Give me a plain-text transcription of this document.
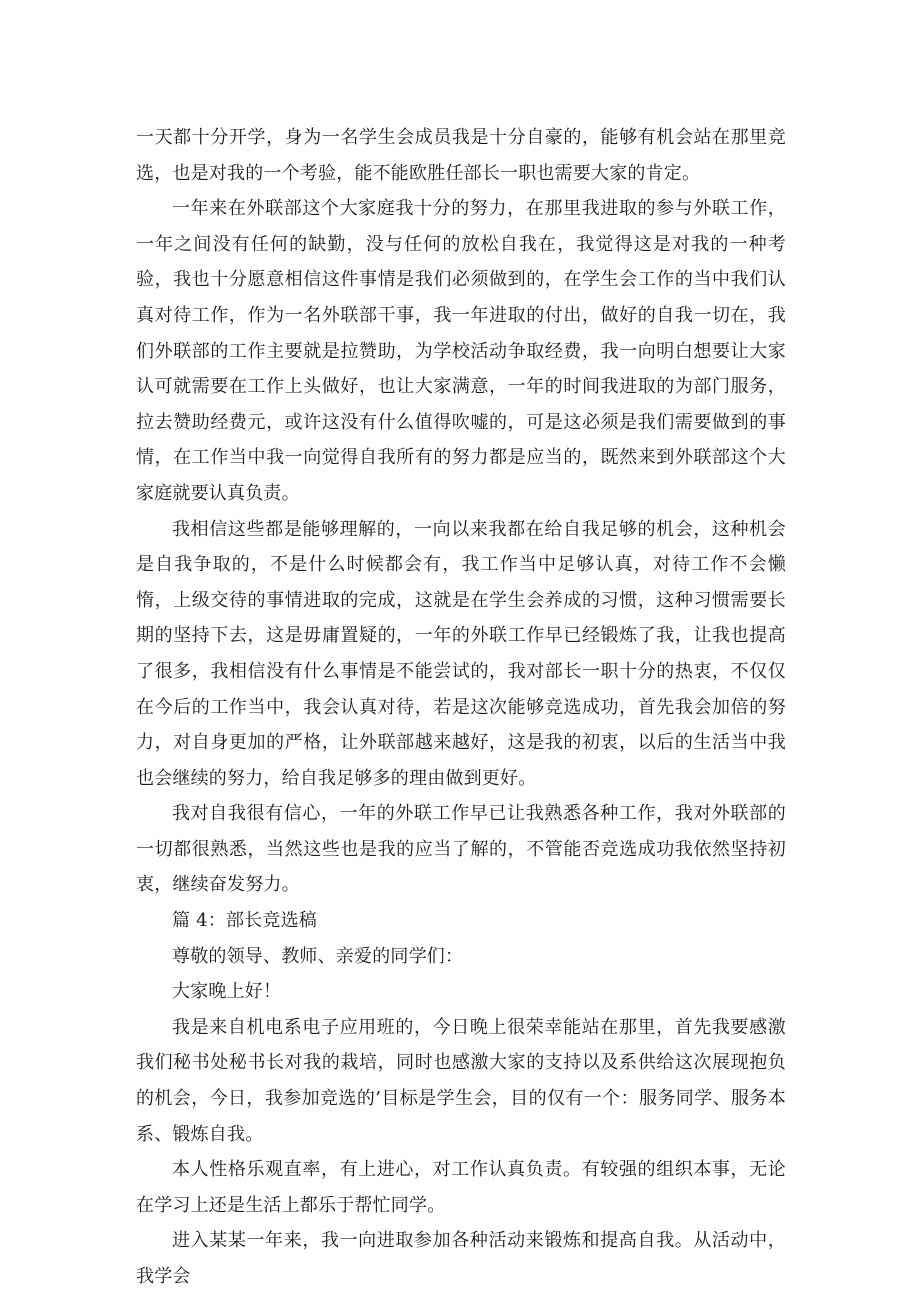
一天都十分开学，身为一名学生会成员我是十分自豪的，能够有机会站在那里竞选，也是对我的一个考验，能不能欧胜任部长一职也需要大家的肯定。

一年来在外联部这个大家庭我十分的努力，在那里我进取的参与外联工作，一年之间没有任何的缺勤，没与任何的放松自我在，我觉得这是对我的一种考验，我也十分愿意相信这件事情是我们必须做到的，在学生会工作的当中我们认真对待工作，作为一名外联部干事，我一年进取的付出，做好的自我一切在，我们外联部的工作主要就是拉赞助，为学校活动争取经费，我一向明白想要让大家认可就需要在工作上头做好，也让大家满意，一年的时间我进取的为部门服务，拉去赞助经费元，或许这没有什么值得吹嘘的，可是这必须是我们需要做到的事情，在工作当中我一向觉得自我所有的努力都是应当的，既然来到外联部这个大家庭就要认真负责。

我相信这些都是能够理解的，一向以来我都在给自我足够的机会，这种机会是自我争取的，不是什么时候都会有，我工作当中足够认真，对待工作不会懒惰，上级交待的事情进取的完成，这就是在学生会养成的习惯，这种习惯需要长期的坚持下去，这是毋庸置疑的，一年的外联工作早已经锻炼了我，让我也提高了很多，我相信没有什么事情是不能尝试的，我对部长一职十分的热衷，不仅仅在今后的工作当中，我会认真对待，若是这次能够竞选成功，首先我会加倍的努力，对自身更加的严格，让外联部越来越好，这是我的初衷，以后的生活当中我也会继续的努力，给自我足够多的理由做到更好。

我对自我很有信心，一年的外联工作早已让我熟悉各种工作，我对外联部的一切都很熟悉，当然这些也是我的应当了解的，不管能否竞选成功我依然坚持初衷，继续奋发努力。

篇 4：部长竞选稿

尊敬的领导、教师、亲爱的同学们：

大家晚上好！

我是来自机电系电子应用班的，今日晚上很荣幸能站在那里，首先我要感激我们秘书处秘书长对我的栽培，同时也感激大家的支持以及系供给这次展现抱负的机会，今日，我参加竞选的’目标是学生会，目的仅有一个：服务同学、服务本系、锻炼自我。

本人性格乐观直率，有上进心，对工作认真负责。有较强的组织本事，无论在学习上还是生活上都乐于帮忙同学。

进入某某一年来，我一向进取参加各种活动来锻炼和提高自我。从活动中，我学会
